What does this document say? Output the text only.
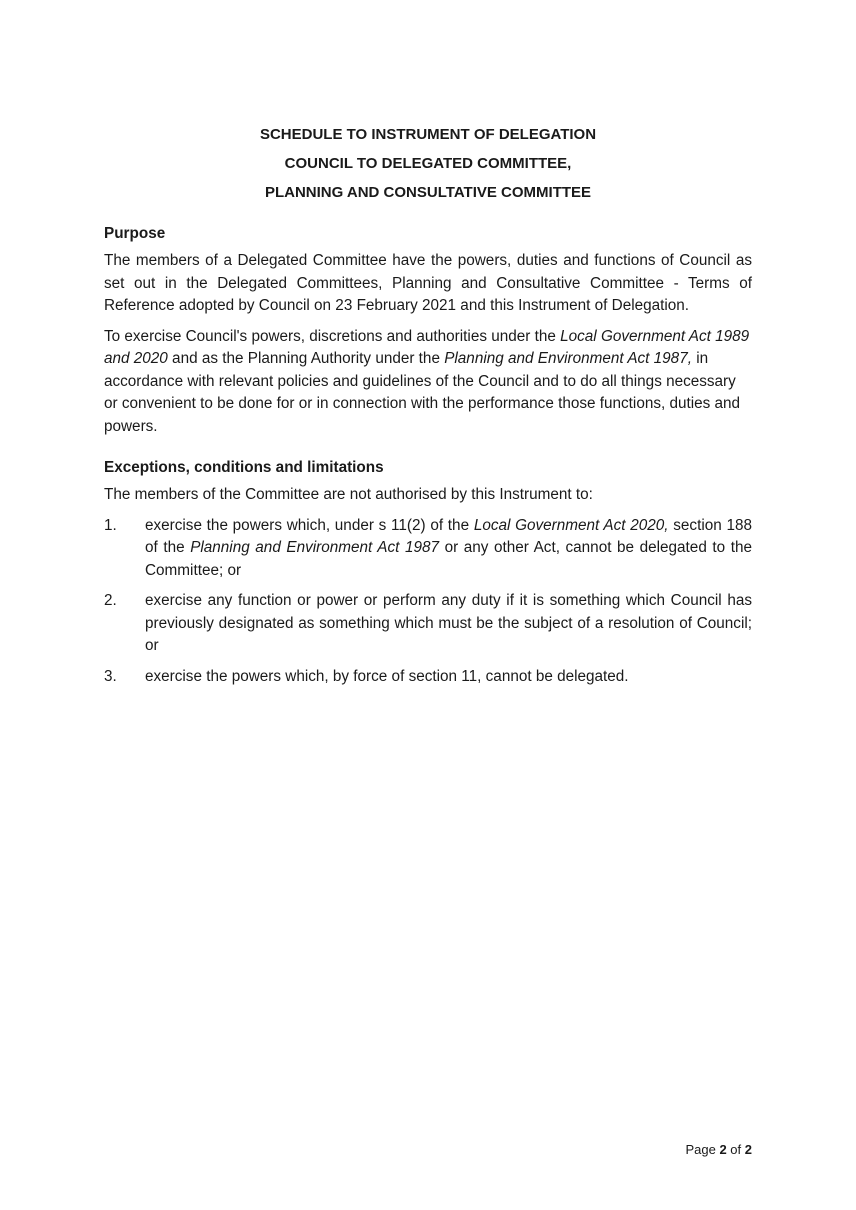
SCHEDULE TO INSTRUMENT OF DELEGATION
COUNCIL TO DELEGATED COMMITTEE,
PLANNING AND CONSULTATIVE COMMITTEE
Purpose

The members of a Delegated Committee have the powers, duties and functions of Council as set out in the Delegated Committees, Planning and Consultative Committee - Terms of Reference adopted by Council on 23 February 2021 and this Instrument of Delegation.

To exercise Council's powers, discretions and authorities under the Local Government Act 1989 and 2020 and as the Planning Authority under the Planning and Environment Act 1987, in accordance with relevant policies and guidelines of the Council and to do all things necessary or convenient to be done for or in connection with the performance those functions, duties and powers.

Exceptions, conditions and limitations

The members of the Committee are not authorised by this Instrument to:

1. exercise the powers which, under s 11(2) of the Local Government Act 2020, section 188 of the Planning and Environment Act 1987 or any other Act, cannot be delegated to the Committee; or
2. exercise any function or power or perform any duty if it is something which Council has previously designated as something which must be the subject of a resolution of Council; or
3. exercise the powers which, by force of section 11, cannot be delegated.
Page 2 of 2
